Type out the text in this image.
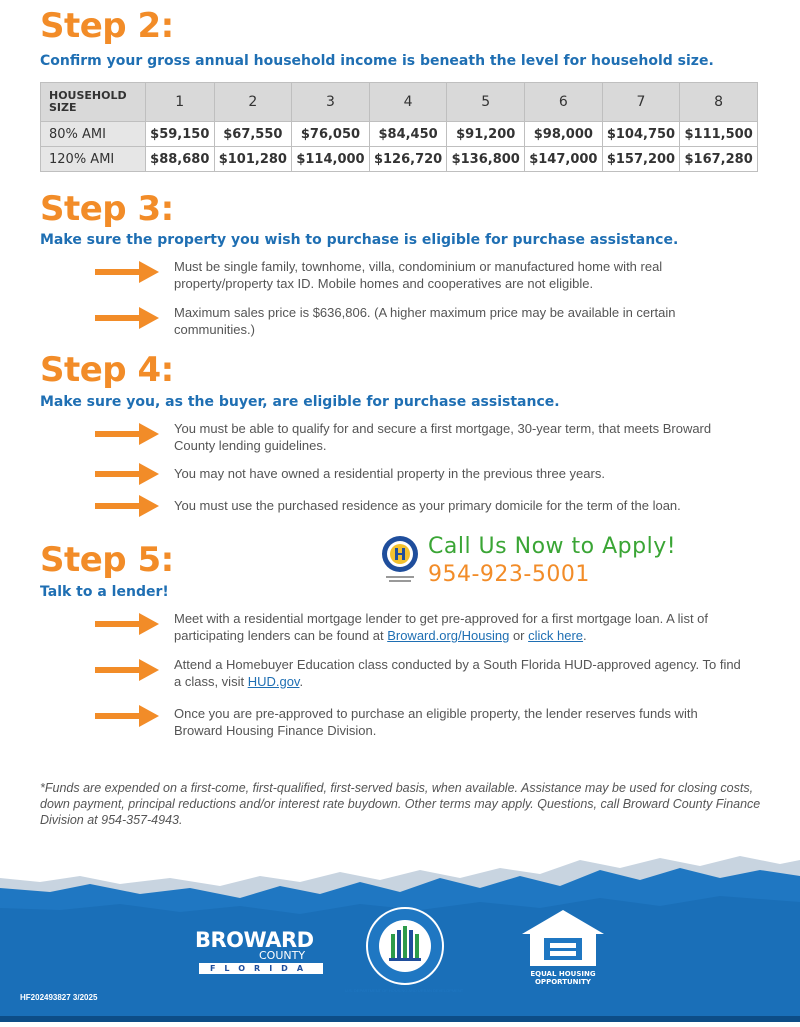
Step 2:

Confirm your gross annual household income is beneath the level for household size.

HOUSEHOLD
SIZE	1	2	3	4	5	6	7	8
80% AMI	$59,150	$67,550	$76,050	$84,450	$91,200	$98,000	$104,750	$111,500
120% AMI	$88,680	$101,280	$114,000	$126,720	$136,800	$147,000	$157,200	$167,280
Step 3:

Make sure the property you wish to purchase is eligible for purchase assistance.

Must be single family, townhome, villa, condominium or manufactured home with real property/property tax ID. Mobile homes and cooperatives are not eligible.
Maximum sales price is $636,806. (A higher maximum price may be available in certain communities.)
Step 4:

Make sure you, as the buyer, are eligible for purchase assistance.

You must be able to qualify for and secure a first mortgage, 30-year term, that meets Broward County lending guidelines.
You may not have owned a residential property in the previous three years.
You must use the purchased residence as your primary domicile for the term of the loan.
Step 5:

Talk to a lender!

Call Us Now to Apply!
954-923-5001
Meet with a residential mortgage lender to get pre-approved for a first mortgage loan. A list of participating lenders can be found at Broward.org/Housing or click here.
Attend a Homebuyer Education class conducted by a South Florida HUD-approved agency. To find a class, visit HUD.gov.
Once you are pre-approved to purchase an eligible property, the lender reserves funds with Broward Housing Finance Division.
*Funds are expended on a first-come, first-qualified, first-served basis, when available. Assistance may be used for closing costs, down payment, principal reductions and/or interest rate buydown. Other terms may apply. Questions, call Broward County Finance Division at 954-357-4943.
BROWARD
COUNTY
FLORIDA
U.S. DEPARTMENT OF HOUSING AND URBAN DEVELOPMENT
EQUAL HOUSING
OPPORTUNITY
HF202493827 3/2025
